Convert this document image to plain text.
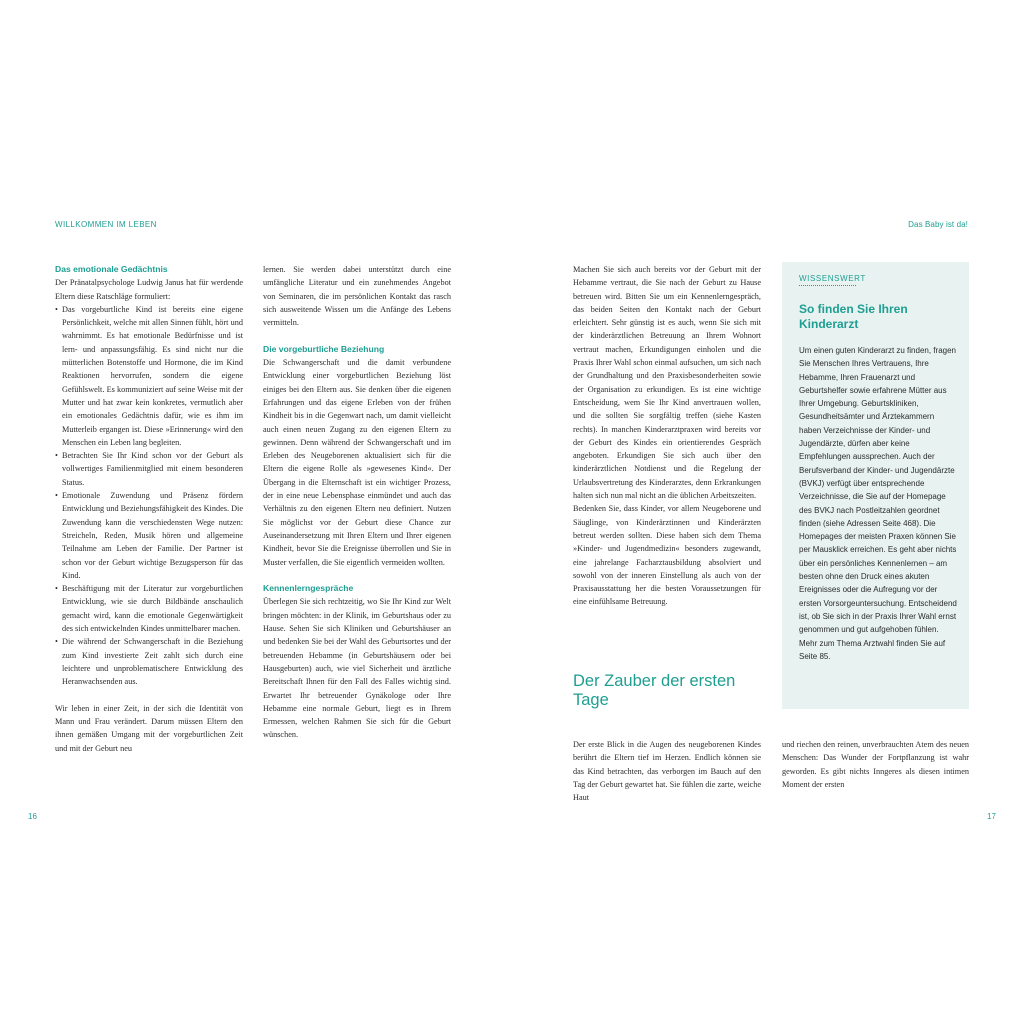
WILLKOMMEN IM LEBEN	Das Baby ist da!
Das emotionale Gedächtnis

Der Pränatalpsychologe Ludwig Janus hat für werdende Eltern diese Ratschläge formuliert:

• Das vorgeburtliche Kind ist bereits eine eigene Persönlichkeit, welche mit allen Sinnen fühlt, hört und wahrnimmt. Es hat emotionale Bedürfnisse und ist lern- und anpassungsfähig. Es sind nicht nur die mütterlichen Botenstoffe und Hormone, die im Kind Reaktionen hervorrufen, sondern die eigene Gefühlswelt. Es kommuniziert auf seine Weise mit der Mutter und hat zwar kein konkretes, vermutlich aber ein emotionales Gedächtnis dafür, wie es ihm im Mutterleib ergangen ist. Diese »Erinnerung« wird den Menschen ein Leben lang begleiten.
• Betrachten Sie Ihr Kind schon vor der Geburt als vollwertiges Familienmitglied mit einem besonderen Status.
• Emotionale Zuwendung und Präsenz fördern Entwicklung und Beziehungsfähigkeit des Kindes. Die Zuwendung kann die verschiedensten Wege nutzen: Streicheln, Reden, Musik hören und allgemeine Teilnahme am Leben der Familie. Der Partner ist schon vor der Geburt wichtige Bezugsperson für das Kind.
• Beschäftigung mit der Literatur zur vorgeburtlichen Entwicklung, wie sie durch Bildbände anschaulich gemacht wird, kann die emotionale Gegenwärtigkeit des sich entwickelnden Kindes unmittelbarer machen.
• Die während der Schwangerschaft in die Beziehung zum Kind investierte Zeit zahlt sich durch eine leichtere und unproblematischere Entwicklung des Heranwachsenden aus.

Wir leben in einer Zeit, in der sich die Identität von Mann und Frau verändert. Darum müssen Eltern den ihnen gemäßen Umgang mit der vorgeburtlichen Zeit und mit der Geburt neu

lernen. Sie werden dabei unterstützt durch eine umfängliche Literatur und ein zunehmendes Angebot von Seminaren, die im persönlichen Kontakt das rasch sich ausweitende Wissen um die Anfänge des Lebens vermitteln.

Die vorgeburtliche Beziehung

Die Schwangerschaft und die damit verbundene Entwicklung einer vorgeburtlichen Beziehung löst einiges bei den Eltern aus. Sie denken über die eigenen Erfahrungen und das eigene Erleben von der frühen Kindheit bis in die Gegenwart nach, um damit vielleicht auch einen neuen Zugang zu den eigenen Eltern zu gewinnen. Denn während der Schwangerschaft und im Erleben des Neugeborenen aktualisiert sich für die Eltern die eigene Rolle als »gewesenes Kind«. Der Übergang in die Elternschaft ist ein wichtiger Prozess, der in eine neue Lebensphase einmündet und auch das Verhältnis zu den eigenen Eltern neu definiert. Nutzen Sie möglichst vor der Geburt diese Chance zur Auseinandersetzung mit Ihren Eltern und Ihrer eigenen Kindheit, bevor Sie die Ereignisse überrollen und Sie in Muster verfallen, die Sie eigentlich vermeiden wollten.

Kennenlerngespräche

Überlegen Sie sich rechtzeitig, wo Sie Ihr Kind zur Welt bringen möchten: in der Klinik, im Geburtshaus oder zu Hause. Sehen Sie sich Kliniken und Geburtshäuser an und bedenken Sie bei der Wahl des Geburtsortes und der betreuenden Hebamme (in Geburtshäusern oder bei Hausgeburten) auch, wie viel Sicherheit und ärztliche Bereitschaft Ihnen für den Fall des Falles wichtig sind. Erwartet Ihr betreuender Gynäkologe oder Ihre Hebamme eine normale Geburt, liegt es in Ihrem Ermessen, welchen Rahmen Sie sich für die Geburt wünschen.

Machen Sie sich auch bereits vor der Geburt mit der Hebamme vertraut, die Sie nach der Geburt zu Hause betreuen wird. Bitten Sie um ein Kennenlerngespräch, das beiden Seiten den Kontakt nach der Geburt erleichtert. Sehr günstig ist es auch, wenn Sie sich mit der kinderärztlichen Betreuung an Ihrem Wohnort vertraut machen, Erkundigungen einholen und die Praxis Ihrer Wahl schon einmal aufsuchen, um sich nach der Grundhaltung und den Praxisbesonderheiten sowie der Organisation zu erkundigen. Es ist eine wichtige Entscheidung, wem Sie Ihr Kind anvertrauen wollen, und die sollten Sie sorgfältig treffen (siehe Kasten rechts). In manchen Kinderarztpraxen wird bereits vor der Geburt des Kindes ein orientierendes Gespräch angeboten. Erkundigen Sie sich auch über den kinderärztlichen Notdienst und die Regelung der Urlaubsvertretung des Kinderarztes, denn Erkrankungen halten sich nun mal nicht an die üblichen Arbeitszeiten.

Bedenken Sie, dass Kinder, vor allem Neugeborene und Säuglinge, von Kinderärztinnen und Kinderärzten betreut werden sollten. Diese haben sich dem Thema »Kinder- und Jugendmedizin« besonders zugewandt, eine jahrelange Facharztausbildung absolviert und sowohl von der inneren Einstellung als auch von der Praxisausstattung her die besten Voraussetzungen für eine einfühlsame Betreuung.

Der Zauber der ersten Tage

Der erste Blick in die Augen des neugeborenen Kindes berührt die Eltern tief im Herzen. Endlich können sie das Kind betrachten, das verborgen im Bauch auf den Tag der Geburt gewartet hat. Sie fühlen die zarte, weiche Haut

WISSENSWERT
So finden Sie Ihren Kinderarzt
Um einen guten Kinderarzt zu finden, fragen Sie Menschen Ihres Vertrauens, Ihre Hebamme, Ihren Frauenarzt und Geburtshelfer sowie erfahrene Mütter aus Ihrer Umgebung. Geburtskliniken, Gesundheitsämter und Ärztekammern haben Verzeichnisse der Kinder- und Jugendärzte, dürfen aber keine Empfehlungen aussprechen. Auch der Berufsverband der Kinder- und Jugendärzte (BVKJ) verfügt über entsprechende Verzeichnisse, die Sie auf der Homepage des BVKJ nach Postleitzahlen geordnet finden (siehe Adressen Seite 468). Die Homepages der meisten Praxen können Sie per Mausklick erreichen. Es geht aber nichts über ein persönliches Kennenlernen – am besten ohne den Druck eines akuten Ereignisses oder die Aufregung vor der ersten Vorsorgeuntersuchung. Entscheidend ist, ob Sie sich in der Praxis Ihrer Wahl ernst genommen und gut aufgehoben fühlen. Mehr zum Thema Arztwahl finden Sie auf Seite 85.

und riechen den reinen, unverbrauchten Atem des neuen Menschen: Das Wunder der Fortpflanzung ist wahr geworden. Es gibt nichts Inngeres als diesen intimen Moment der ersten

16	17
